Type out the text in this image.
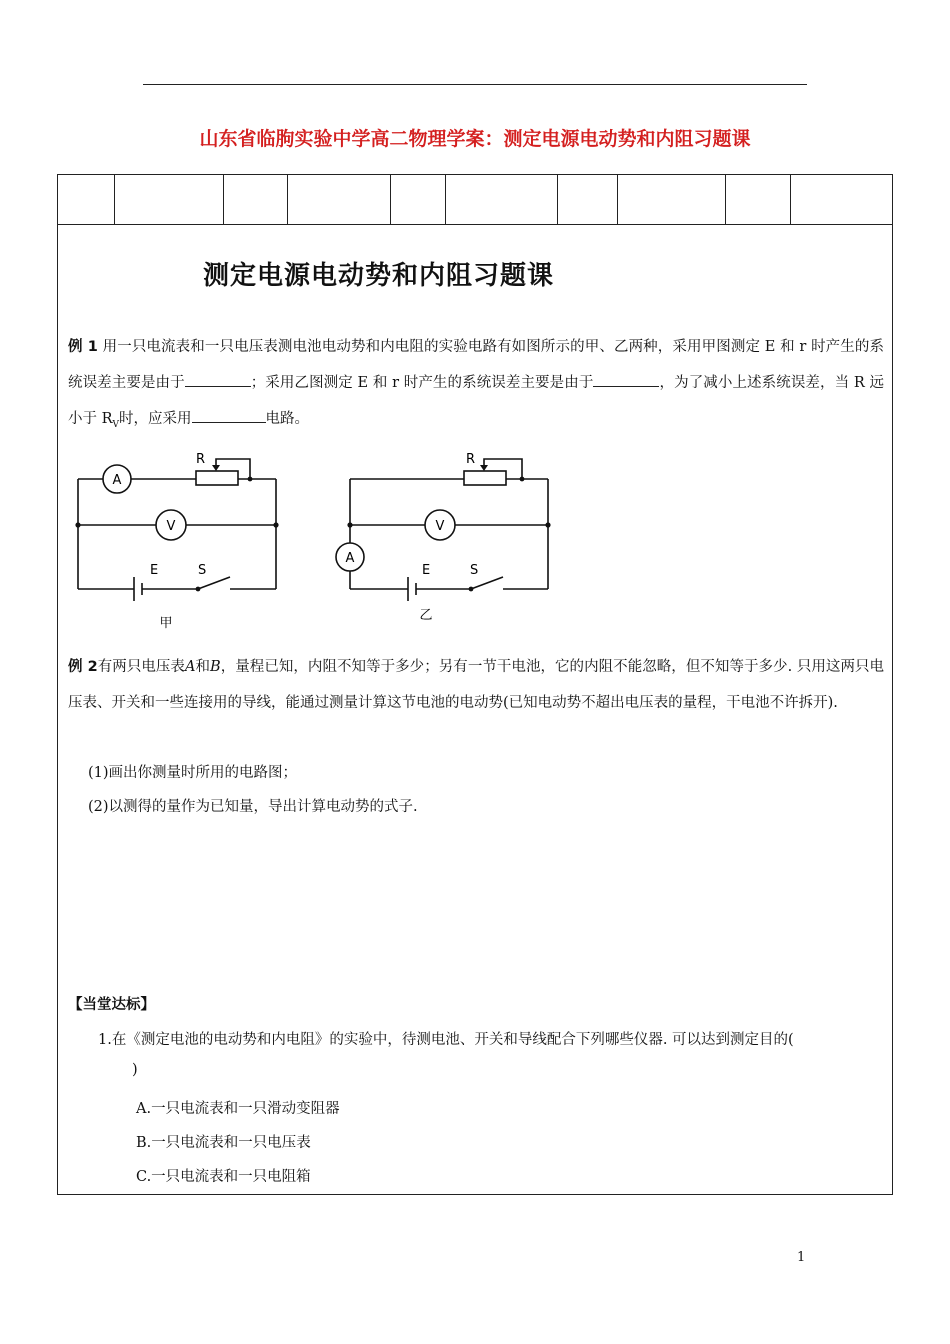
山东省临朐实验中学高二物理学案：测定电源电动势和内阻习题课

测定电源电动势和内阻习题课
例 1 用一只电流表和一只电压表测电池电动势和内电阻的实验电路有如图所示的甲、乙两种，采用甲图测定 E 和 r 时产生的系统误差主要是由于	；采用乙图测定 E 和 r 时产生的系统误差主要是由于	，为了减小上述系统误差，当 R 远小于 $R_V$时，应采用	电路。
A
V
R
E	S
甲
A
V
R
E	S
乙
例 2有两只电压表A和B，量程已知，内阻不知等于多少；另有一节干电池，它的内阻不能忽略，但不知等于多少. 只用这两只电压表、开关和一些连接用的导线，能通过测量计算这节电池的电动势(已知电动势不超出电压表的量程，干电池不许拆开).
(1)画出你测量时所用的电路图；
(2)以测得的量作为已知量，导出计算电动势的式子.
【当堂达标】
1.在《测定电池的电动势和内电阻》的实验中，待测电池、开关和导线配合下列哪些仪器. 可以达到测定目的(
)
A.一只电流表和一只滑动变阻器
B.一只电流表和一只电压表
C.一只电流表和一只电阻箱
1
